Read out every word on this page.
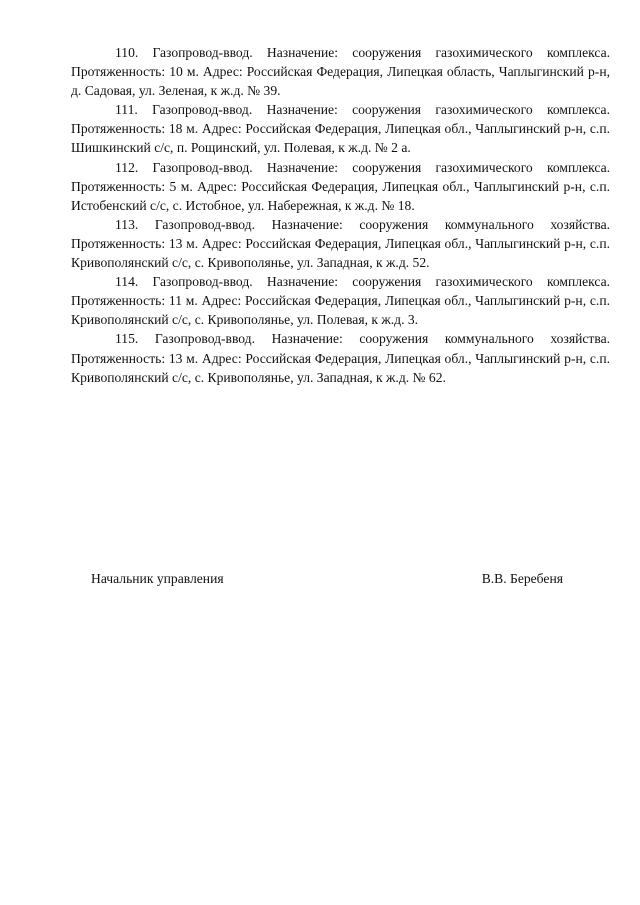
110. Газопровод-ввод. Назначение: сооружения газохимического комплекса. Протяженность: 10 м. Адрес: Российская Федерация, Липецкая область, Чаплыгинский р-н, д. Садовая, ул. Зеленая, к ж.д. № 39.

111. Газопровод-ввод. Назначение: сооружения газохимического комплекса. Протяженность: 18 м. Адрес: Российская Федерация, Липецкая обл., Чаплыгинский р-н, с.п. Шишкинский с/с, п. Рощинский, ул. Полевая, к ж.д. № 2 а.

112. Газопровод-ввод. Назначение: сооружения газохимического комплекса. Протяженность: 5 м. Адрес: Российская Федерация, Липецкая обл., Чаплыгинский р-н, с.п. Истобенский с/с, с. Истобное, ул. Набережная, к ж.д. № 18.

113. Газопровод-ввод. Назначение: сооружения коммунального хозяйства. Протяженность: 13 м. Адрес: Российская Федерация, Липецкая обл., Чаплыгинский р-н, с.п. Кривополянский с/с, с. Кривополянье, ул. Западная, к ж.д. 52.

114. Газопровод-ввод. Назначение: сооружения газохимического комплекса. Протяженность: 11 м. Адрес: Российская Федерация, Липецкая обл., Чаплыгинский р-н, с.п. Кривополянский с/с, с. Кривополянье, ул. Полевая, к ж.д. 3.

115. Газопровод-ввод. Назначение: сооружения коммунального хозяйства. Протяженность: 13 м. Адрес: Российская Федерация, Липецкая обл., Чаплыгинский р-н, с.п. Кривополянский с/с, с. Кривополянье, ул. Западная, к ж.д. № 62.

Начальник управления	В.В. Беребеня
